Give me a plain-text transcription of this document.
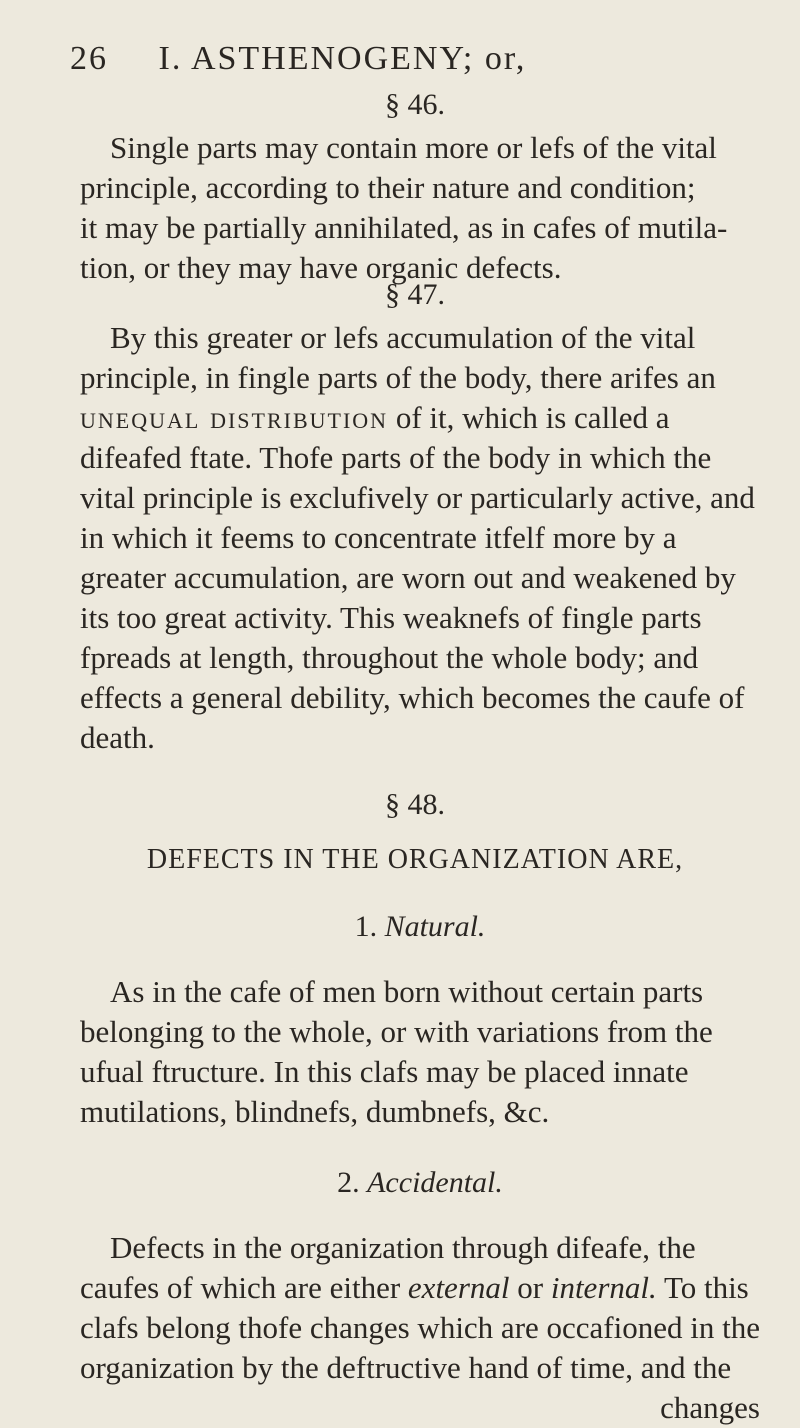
26 I. ASTHENOGENY; or,
§ 46.
Single parts may contain more or lefs of the vital
principle, according to their nature and condition;
it may be partially annihilated, as in cafes of mutila-
tion, or they may have organic defects.
§ 47.
By this greater or lefs accumulation of the vital
principle, in fingle parts of the body, there arifes an
unequal distribution of it, which is called a
difeafed ftate. Thofe parts of the body in which the
vital principle is exclufively or particularly active, and
in which it feems to concentrate itfelf more by a
greater accumulation, are worn out and weakened by
its too great activity. This weaknefs of fingle parts
fpreads at length, throughout the whole body; and
effects a general debility, which becomes the caufe of
death.
§ 48.
DEFECTS IN THE ORGANIZATION ARE,
1. Natural.
As in the cafe of men born without certain parts
belonging to the whole, or with variations from the
ufual ftructure. In this clafs may be placed innate
mutilations, blindnefs, dumbnefs, &c.
2. Accidental.
Defects in the organization through difeafe, the
caufes of which are either external or internal. To this
clafs belong thofe changes which are occafioned in the
organization by the deftructive hand of time, and the
changes
